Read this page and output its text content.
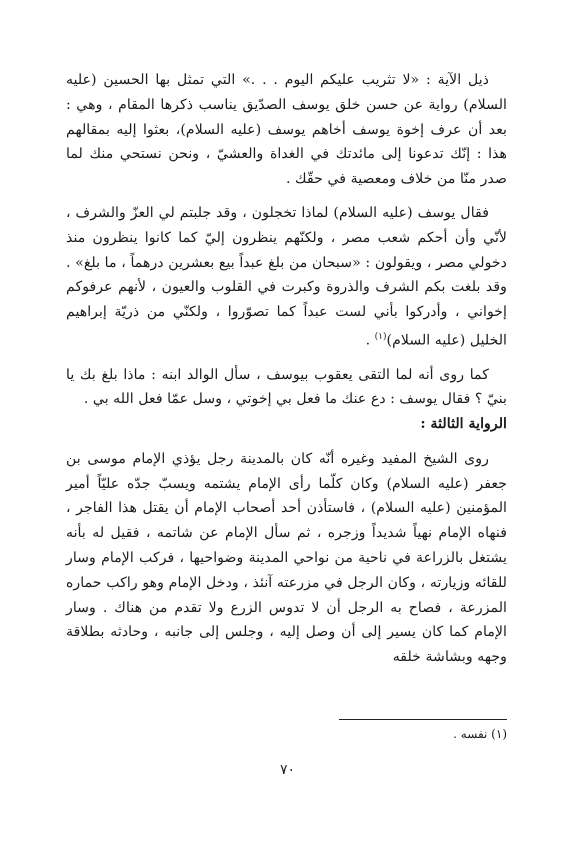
ذيل الآية : «لا تثريب عليكم اليوم . . .» التي تمثل بها الحسين (عليه السلام) رواية عن حسن خلق يوسف الصدّيق يناسب ذكرها المقام ، وهي : بعد أن عرف إخوة يوسف أخاهم يوسف (عليه السلام)، بعثوا إليه بمقالهم هذا : إنّك تدعونا إلى مائدتك في الغداة والعشيّ ، ونحن نستحي منك لما صدر منّا من خلاف ومعصية في حقّك .

فقال يوسف (عليه السلام) لماذا تخجلون ، وقد جلبتم لي العزّ والشرف ، لأنّي وأن أحكم شعب مصر ، ولكنّهم ينظرون إليّ كما كانوا ينظرون منذ دخولي مصر ، ويقولون : «سبحان من بلغ عبداً بيع بعشرين درهماً ، ما بلغ» . وقد بلغت بكم الشرف والذروة وكبرت في القلوب والعيون ، لأنهم عرفوكم إخواني ، وأدركوا بأني لست عبداً كما تصوّروا ، ولكنّي من ذريّة إبراهيم الخليل (عليه السلام)$^{(١)}$ .

كما روى أنه لما التقى يعقوب بيوسف ، سأل الوالد ابنه : ماذا بلغ بك يا بنيّ ؟ فقال يوسف : دع عنك ما فعل بي إخوتي ، وسل عمّا فعل الله بي .

الرواية الثالثة :

روى الشيخ المفيد وغيره أنّه كان بالمدينة رجل يؤذي الإمام موسى بن جعفر (عليه السلام) وكان كلّما رأى الإمام يشتمه ويسبّ جدّه عليّاً أمير المؤمنين (عليه السلام) ، فاستأذن أحد أصحاب الإمام أن يقتل هذا الفاجر ، فنهاه الإمام نهياً شديداً وزجره ، ثم سأل الإمام عن شاتمه ، فقيل له بأنه يشتغل بالزراعة في ناحية من نواحي المدينة وضواحيها ، فركب الإمام وسار للقائه وزيارته ، وكان الرجل في مزرعته آنئذ ، ودخل الإمام وهو راكب حماره المزرعة ، فصاح به الرجل أن لا تدوس الزرع ولا تقدم من هناك . وسار الإمام كما كان يسير إلى أن وصل إليه ، وجلس إلى جانبه ، وحادثه بطلاقة وجهه وبشاشة خلقه

(١) نفسه .

٧٠
